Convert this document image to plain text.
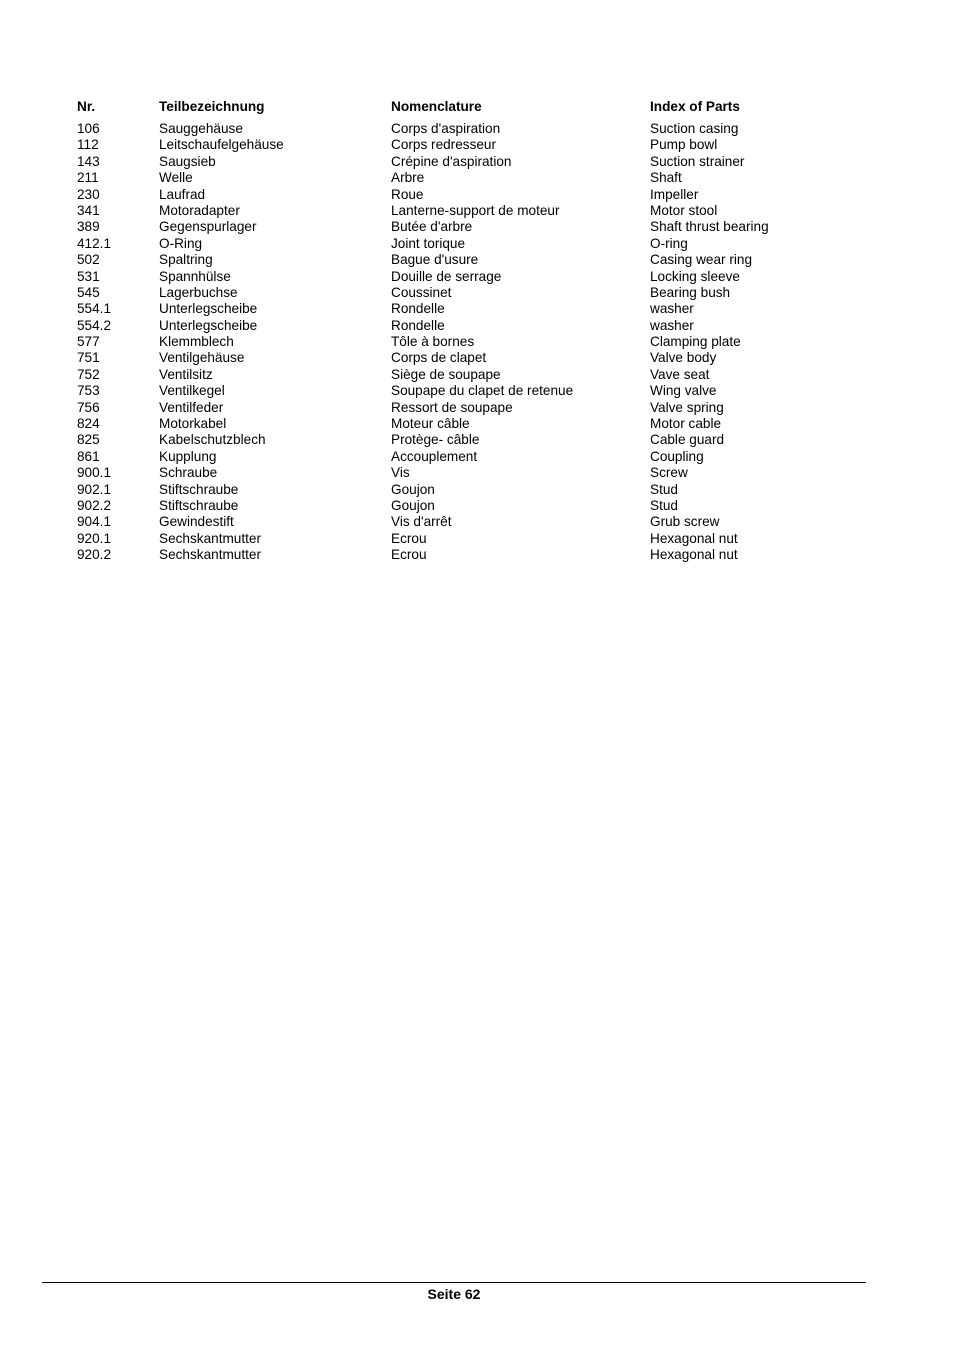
Nr.	Teilbezeichnung	Nomenclature	Index of Parts
106	Sauggehäuse	Corps d'aspiration	Suction casing
112	Leitschaufelgehäuse	Corps redresseur	Pump bowl
143	Saugsieb	Crépine d'aspiration	Suction strainer
211	Welle	Arbre	Shaft
230	Laufrad	Roue	Impeller
341	Motoradapter	Lanterne-support de moteur	Motor stool
389	Gegenspurlager	Butée d'arbre	Shaft thrust bearing
412.1	O-Ring	Joint torique	O-ring
502	Spaltring	Bague d'usure	Casing wear ring
531	Spannhülse	Douille de serrage	Locking sleeve
545	Lagerbuchse	Coussinet	Bearing bush
554.1	Unterlegscheibe	Rondelle	washer
554.2	Unterlegscheibe	Rondelle	washer
577	Klemmblech	Tôle à bornes	Clamping plate
751	Ventilgehäuse	Corps de clapet	Valve body
752	Ventilsitz	Siège de soupape	Vave seat
753	Ventilkegel	Soupape du clapet de retenue	Wing valve
756	Ventilfeder	Ressort de soupape	Valve spring
824	Motorkabel	Moteur câble	Motor cable
825	Kabelschutzblech	Protège- câble	Cable guard
861	Kupplung	Accouplement	Coupling
900.1	Schraube	Vis	Screw
902.1	Stiftschraube	Goujon	Stud
902.2	Stiftschraube	Goujon	Stud
904.1	Gewindestift	Vis d'arrêt	Grub screw
920.1	Sechskantmutter	Ecrou	Hexagonal nut
920.2	Sechskantmutter	Ecrou	Hexagonal nut
Seite 62
